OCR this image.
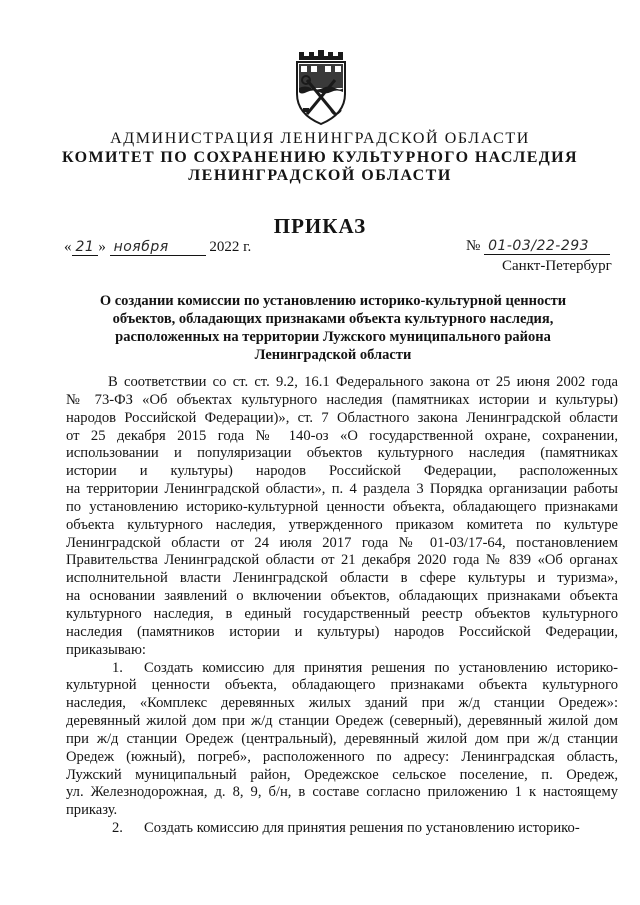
АДМИНИСТРАЦИЯ ЛЕНИНГРАДСКОЙ ОБЛАСТИ
КОМИТЕТ ПО СОХРАНЕНИЮ КУЛЬТУРНОГО НАСЛЕДИЯ
ЛЕНИНГРАДСКОЙ ОБЛАСТИ
ПРИКАЗ
« 21 » ноября	2022 г.	№ 01-03/22-293
Санкт-Петербург
О создании комиссии по установлению историко-культурной ценности
объектов, обладающих признаками объекта культурного наследия,
расположенных на территории Лужского муниципального района
Ленинградской области
В соответствии со ст. ст. 9.2, 16.1 Федерального закона от 25 июня 2002 года
№ 73-ФЗ «Об объектах культурного наследия (памятниках истории и культуры)
народов Российской Федерации)», ст. 7 Областного закона Ленинградской области
от 25 декабря 2015 года № 140-оз «О государственной охране, сохранении,
использовании и популяризации объектов культурного наследия (памятниках
истории и культуры) народов Российской Федерации, расположенных
на территории Ленинградской области», п. 4 раздела 3 Порядка организации работы
по установлению историко-культурной ценности объекта, обладающего признаками
объекта культурного наследия, утвержденного приказом комитета по культуре
Ленинградской области от 24 июля 2017 года № 01-03/17-64, постановлением
Правительства Ленинградской области от 21 декабря 2020 года № 839 «Об органах
исполнительной власти Ленинградской области в сфере культуры и туризма»,
на основании заявлений о включении объектов, обладающих признаками объекта
культурного наследия, в единый государственный реестр объектов культурного
наследия (памятников истории и культуры) народов Российской Федерации,
приказываю:
1. Создать комиссию для принятия решения по установлению историко-
культурной ценности объекта, обладающего признаками объекта культурного
наследия, «Комплекс деревянных жилых зданий при ж/д станции Оредеж»:
деревянный жилой дом при ж/д станции Оредеж (северный), деревянный жилой дом
при ж/д станции Оредеж (центральный), деревянный жилой дом при ж/д станции
Оредеж (южный), погреб», расположенного по адресу: Ленинградская область,
Лужский муниципальный район, Оредежское сельское поселение, п. Оредеж,
ул. Железнодорожная, д. 8, 9, б/н, в составе согласно приложению 1 к настоящему
приказу.
2. Создать комиссию для принятия решения по установлению историко-
